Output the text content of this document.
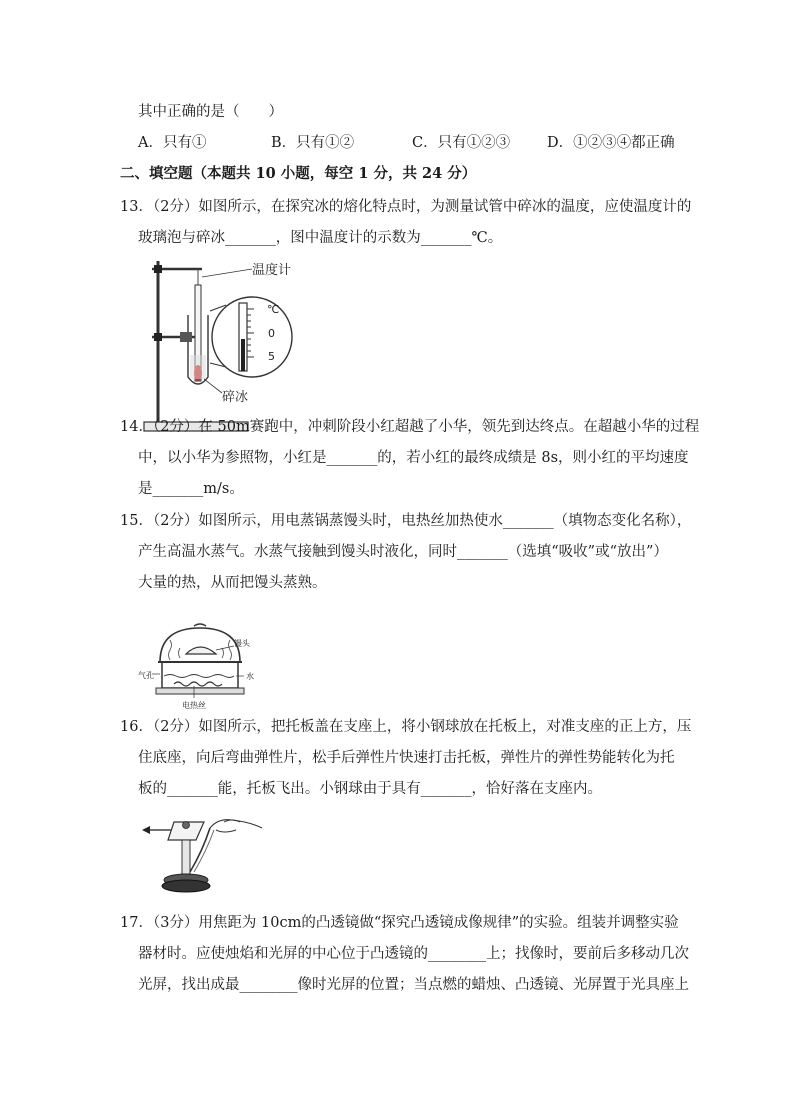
其中正确的是（　　）
A．只有①	B．只有①②	C．只有①②③	D．①②③④都正确
二、填空题（本题共 10 小题，每空 1 分，共 24 分）
13．（2分）如图所示，在探究冰的熔化特点时，为测量试管中碎冰的温度，应使温度计的
玻璃泡与碎冰_______，图中温度计的示数为_______℃。
℃
0
5
温度计
碎冰
14．（2分）在 50m赛跑中，冲刺阶段小红超越了小华，领先到达终点。在超越小华的过程
中，以小华为参照物，小红是_______的，若小红的最终成绩是 8s，则小红的平均速度
是_______m/s。
15．（2分）如图所示，用电蒸锅蒸馒头时，电热丝加热使水_______（填物态变化名称），
产生高温水蒸气。水蒸气接触到馒头时液化，同时_______（选填“吸收”或“放出”）
大量的热，从而把馒头蒸熟。
馒头
气孔	水
电热丝
16．（2分）如图所示，把托板盖在支座上，将小钢球放在托板上，对准支座的正上方，压
住底座，向后弯曲弹性片，松手后弹性片快速打击托板，弹性片的弹性势能转化为托
板的_______能，托板飞出。小钢球由于具有_______，恰好落在支座内。
17．（3分）用焦距为 10cm的凸透镜做“探究凸透镜成像规律”的实验。组装并调整实验
器材时。应使烛焰和光屏的中心位于凸透镜的________上；找像时，要前后多移动几次
光屏，找出成最________像时光屏的位置；当点燃的蜡烛、凸透镜、光屏置于光具座上
